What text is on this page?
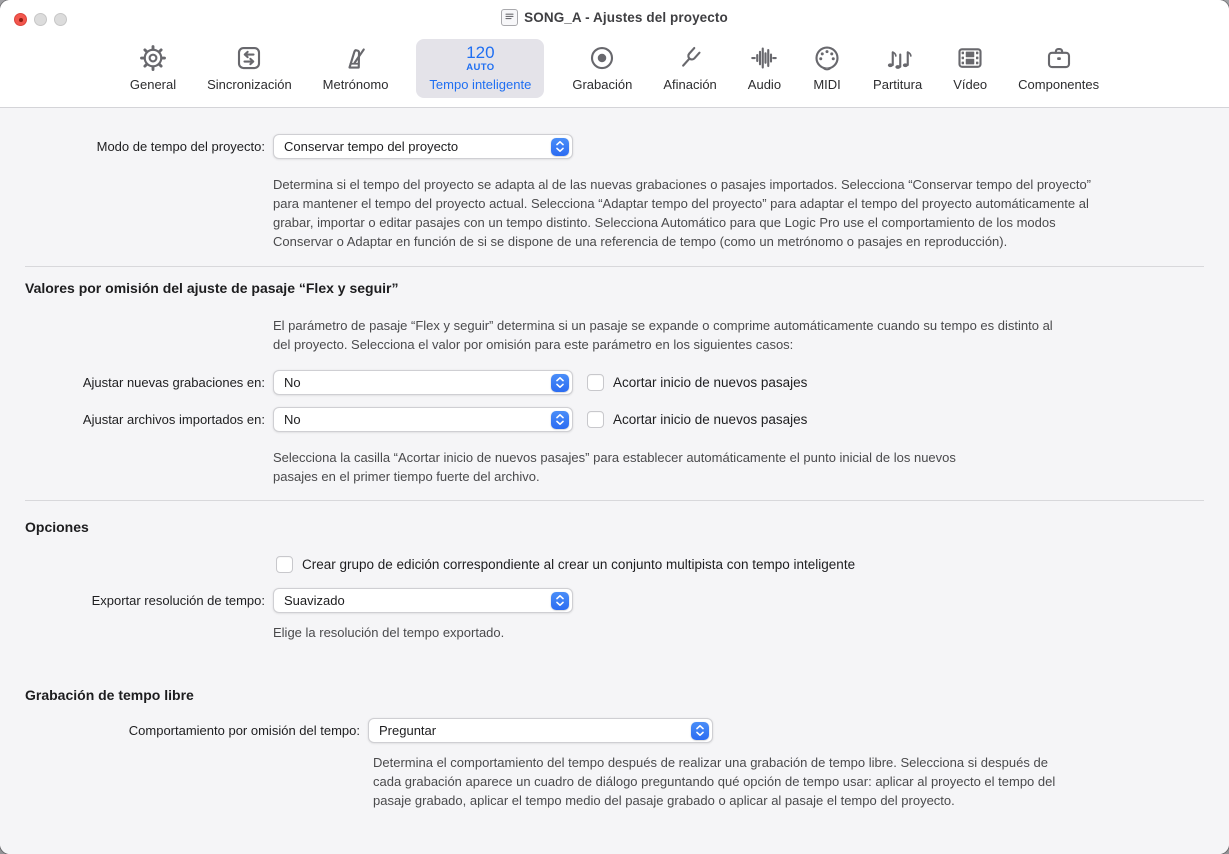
SONG_A - Ajustes del proyecto
General Sincronización Metrónomo
120
AUTO
Tempo inteligente	Grabación Afinación Audio MIDI Partitura Vídeo Componentes
Modo de tempo del proyecto: Conservar tempo del proyecto
Determina si el tempo del proyecto se adapta al de las nuevas grabaciones o pasajes importados. Selecciona “Conservar tempo del proyecto” para mantener el tempo del proyecto actual. Selecciona “Adaptar tempo del proyecto” para adaptar el tempo del proyecto automáticamente al grabar, importar o editar pasajes con un tempo distinto. Selecciona Automático para que Logic Pro use el comportamiento de los modos Conservar o Adaptar en función de si se dispone de una referencia de tempo (como un metrónomo o pasajes en reproducción).
Valores por omisión del ajuste de pasaje “Flex y seguir”
El parámetro de pasaje “Flex y seguir” determina si un pasaje se expande o comprime automáticamente cuando su tempo es distinto al del proyecto. Selecciona el valor por omisión para este parámetro en los siguientes casos:
Ajustar nuevas grabaciones en: No	Acortar inicio de nuevos pasajes
Ajustar archivos importados en: No	Acortar inicio de nuevos pasajes
Selecciona la casilla “Acortar inicio de nuevos pasajes” para establecer automáticamente el punto inicial de los nuevos pasajes en el primer tiempo fuerte del archivo.
Opciones
Crear grupo de edición correspondiente al crear un conjunto multipista con tempo inteligente
Exportar resolución de tempo: Suavizado
Elige la resolución del tempo exportado.
Grabación de tempo libre
Comportamiento por omisión del tempo: Preguntar
Determina el comportamiento del tempo después de realizar una grabación de tempo libre. Selecciona si después de cada grabación aparece un cuadro de diálogo preguntando qué opción de tempo usar: aplicar al proyecto el tempo del pasaje grabado, aplicar el tempo medio del pasaje grabado o aplicar al pasaje el tempo del proyecto.
